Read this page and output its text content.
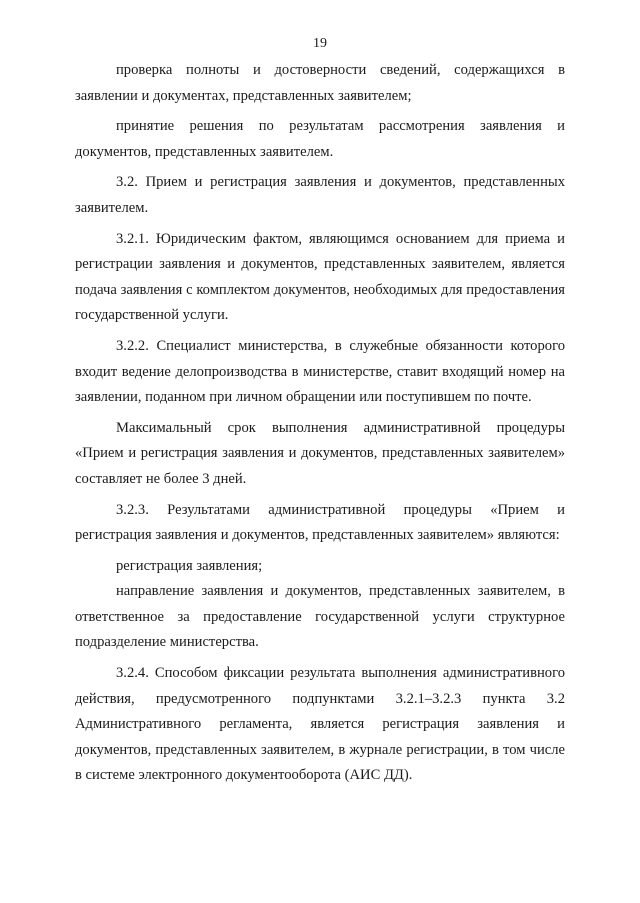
19

проверка полноты и достоверности сведений, содержащихся в заявлении и документах, представленных заявителем;

принятие решения по результатам рассмотрения заявления и документов, представленных заявителем.

3.2. Прием и регистрация заявления и документов, представленных заявителем.

3.2.1. Юридическим фактом, являющимся основанием для приема и регистрации заявления и документов, представленных заявителем, является подача заявления с комплектом документов, необходимых для предоставления государственной услуги.

3.2.2. Специалист министерства, в служебные обязанности которого входит ведение делопроизводства в министерстве, ставит входящий номер на заявлении, поданном при личном обращении или поступившем по почте.

Максимальный срок выполнения административной процедуры «Прием и регистрация заявления и документов, представленных заявителем» составляет не более 3 дней.

3.2.3. Результатами административной процедуры «Прием и регистрация заявления и документов, представленных заявителем» являются:

регистрация заявления;

направление заявления и документов, представленных заявителем, в ответственное за предоставление государственной услуги структурное подразделение министерства.

3.2.4. Способом фиксации результата выполнения административного действия, предусмотренного подпунктами 3.2.1–3.2.3 пункта 3.2 Административного регламента, является регистрация заявления и документов, представленных заявителем, в журнале регистрации, в том числе в системе электронного документооборота (АИС ДД).
